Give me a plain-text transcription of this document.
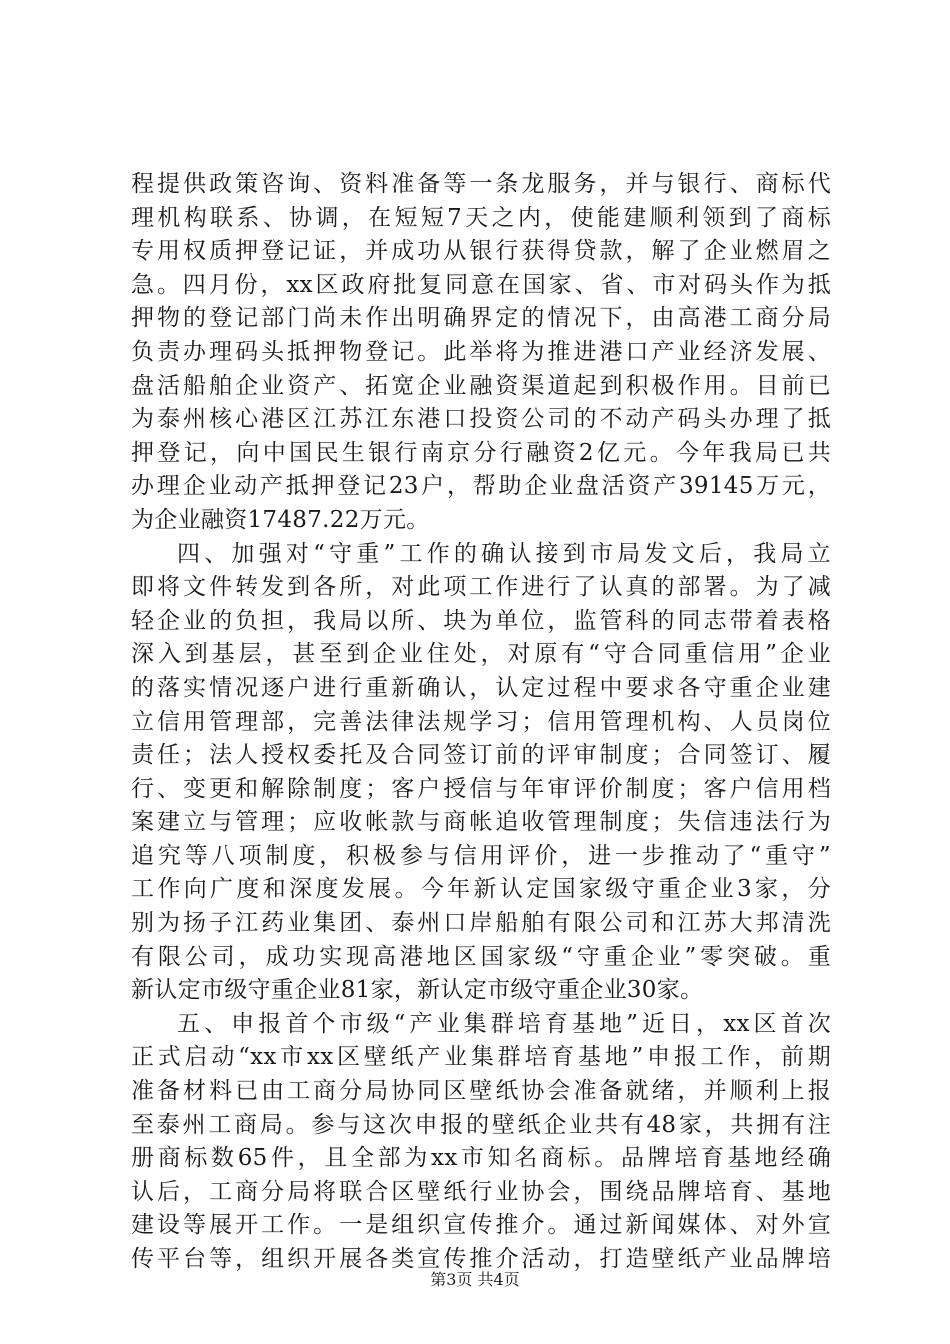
程提供政策咨询、资料准备等一条龙服务，并与银行、商标代
理机构联系、协调，在短短7天之内，使能建顺利领到了商标
专用权质押登记证，并成功从银行获得贷款，解了企业燃眉之
急。四月份，xx区政府批复同意在国家、省、市对码头作为抵
押物的登记部门尚未作出明确界定的情况下，由高港工商分局
负责办理码头抵押物登记。此举将为推进港口产业经济发展、
盘活船舶企业资产、拓宽企业融资渠道起到积极作用。目前已
为泰州核心港区江苏江东港口投资公司的不动产码头办理了抵
押登记，向中国民生银行南京分行融资2亿元。今年我局已共
办理企业动产抵押登记23户，帮助企业盘活资产39145万元，
为企业融资17487.22万元。
四、加强对“守重”工作的确认接到市局发文后，我局立
即将文件转发到各所，对此项工作进行了认真的部署。为了减
轻企业的负担，我局以所、块为单位，监管科的同志带着表格
深入到基层，甚至到企业住处，对原有“守合同重信用”企业
的落实情况逐户进行重新确认，认定过程中要求各守重企业建
立信用管理部，完善法律法规学习；信用管理机构、人员岗位
责任；法人授权委托及合同签订前的评审制度；合同签订、履
行、变更和解除制度；客户授信与年审评价制度；客户信用档
案建立与管理；应收帐款与商帐追收管理制度；失信违法行为
追究等八项制度，积极参与信用评价，进一步推动了“重守”
工作向广度和深度发展。今年新认定国家级守重企业3家，分
别为扬子江药业集团、泰州口岸船舶有限公司和江苏大邦清洗
有限公司，成功实现高港地区国家级“守重企业”零突破。重
新认定市级守重企业81家，新认定市级守重企业30家。
五、申报首个市级“产业集群培育基地”近日，xx区首次
正式启动“xx市xx区壁纸产业集群培育基地”申报工作，前期
准备材料已由工商分局协同区壁纸协会准备就绪，并顺利上报
至泰州工商局。参与这次申报的壁纸企业共有48家，共拥有注
册商标数65件，且全部为xx市知名商标。品牌培育基地经确
认后，工商分局将联合区壁纸行业协会，围绕品牌培育、基地
建设等展开工作。一是组织宣传推介。通过新闻媒体、对外宣
传平台等，组织开展各类宣传推介活动，打造壁纸产业品牌培
第3页 共4页
